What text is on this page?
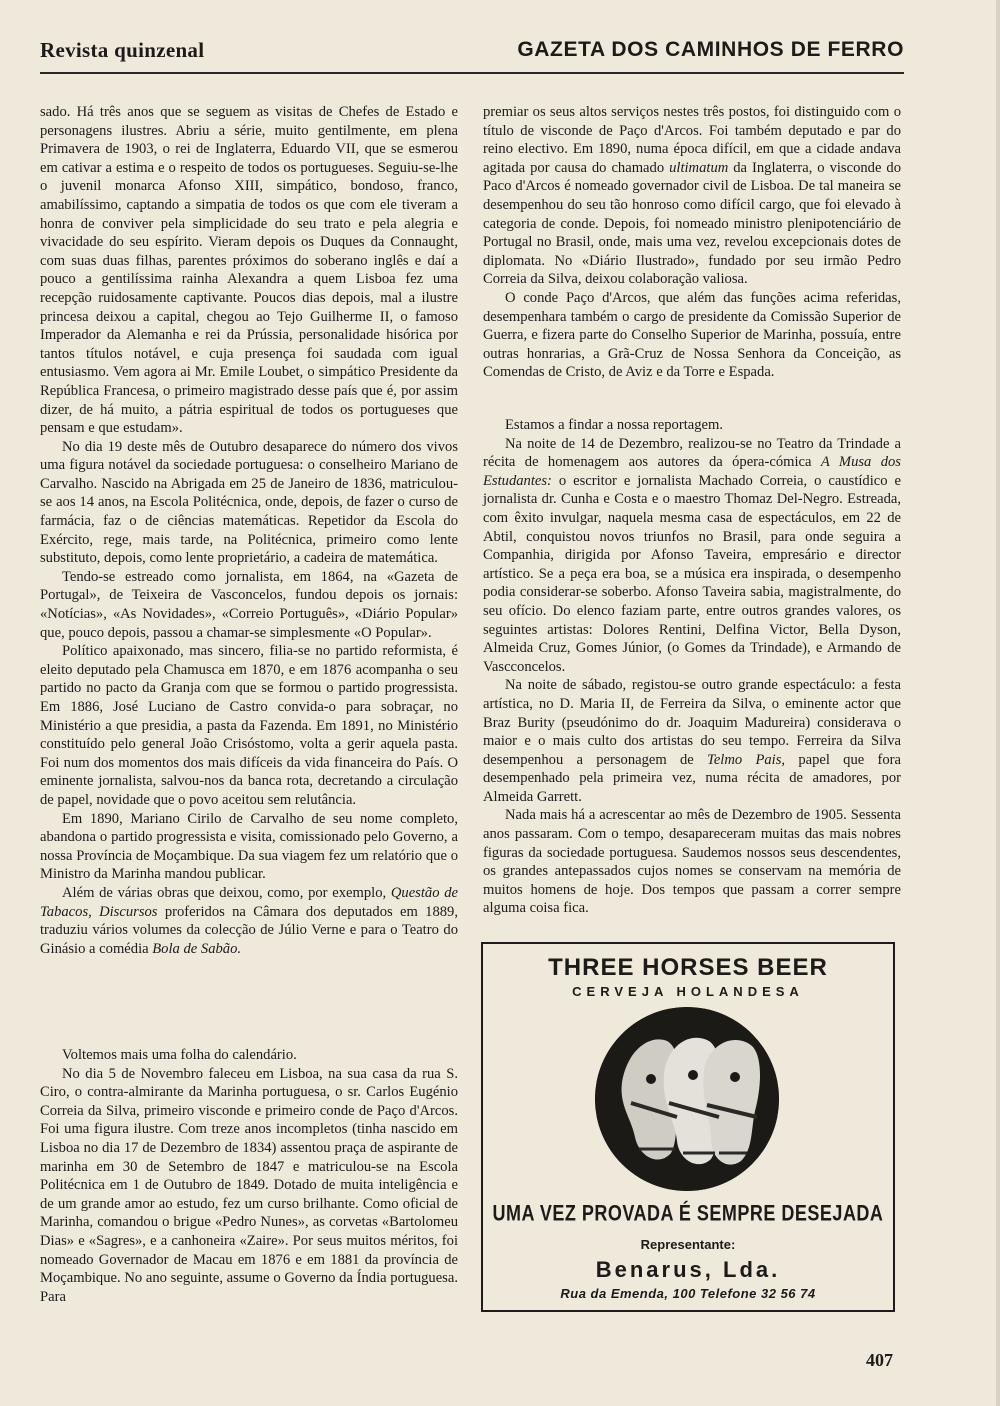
Revista quinzenal	GAZETA DOS CAMINHOS DE FERRO

sado. Há três anos que se seguem as visitas de Chefes de Estado e personagens ilustres. Abriu a série, muito gentilmente, em plena Primavera de 1903, o rei de Inglaterra, Eduardo VII, que se esmerou em cativar a estima e o respeito de todos os portugueses. Seguiu-se-lhe o juvenil monarca Afonso XIII, simpático, bondoso, franco, amabilíssimo, captando a simpatia de todos os que com ele tiveram a honra de conviver pela simplicidade do seu trato e pela alegria e vivacidade do seu espírito. Vieram depois os Duques da Connaught, com suas duas filhas, parentes próximos do soberano inglês e daí a pouco a gentilíssima rainha Alexandra a quem Lisboa fez uma recepção ruidosamente captivante. Poucos dias depois, mal a ilustre princesa deixou a capital, chegou ao Tejo Guilherme II, o famoso Imperador da Alemanha e rei da Prússia, personalidade hisórica por tantos títulos notável, e cuja presença foi saudada com igual entusiasmo. Vem agora ai Mr. Emile Loubet, o simpático Presidente da República Francesa, o primeiro magistrado desse país que é, por assim dizer, de há muito, a pátria espiritual de todos os portugueses que pensam e que estudam».

No dia 19 deste mês de Outubro desaparece do número dos vivos uma figura notável da sociedade portuguesa: o conselheiro Mariano de Carvalho. Nascido na Abrigada em 25 de Janeiro de 1836, matriculou-se aos 14 anos, na Escola Politécnica, onde, depois, de fazer o curso de farmácia, faz o de ciências matemáticas. Repetidor da Escola do Exército, rege, mais tarde, na Politécnica, primeiro como lente substituto, depois, como lente proprietário, a cadeira de matemática.

Tendo-se estreado como jornalista, em 1864, na «Gazeta de Portugal», de Teixeira de Vasconcelos, fundou depois os jornais: «Notícias», «As Novidades», «Correio Português», «Diário Popular» que, pouco depois, passou a chamar-se simplesmente «O Popular».

Político apaixonado, mas sincero, filia-se no partido reformista, é eleito deputado pela Chamusca em 1870, e em 1876 acompanha o seu partido no pacto da Granja com que se formou o partido progressista. Em 1886, José Luciano de Castro convida-o para sobraçar, no Ministério a que presidia, a pasta da Fazenda. Em 1891, no Ministério constituído pelo general João Crisóstomo, volta a gerir aquela pasta. Foi num dos momentos dos mais difíceis da vida financeira do País. O eminente jornalista, salvou-nos da banca rota, decretando a circulação de papel, novidade que o povo aceitou sem relutância.

Em 1890, Mariano Cirilo de Carvalho de seu nome completo, abandona o partido progressista e visita, comissionado pelo Governo, a nossa Província de Moçambique. Da sua viagem fez um relatório que o Ministro da Marinha mandou publicar.

Além de várias obras que deixou, como, por exemplo, Questão de Tabacos, Discursos proferidos na Câmara dos deputados em 1889, traduziu vários volumes da colecção de Júlio Verne e para o Teatro do Ginásio a comédia Bola de Sabão.

Voltemos mais uma folha do calendário.

No dia 5 de Novembro faleceu em Lisboa, na sua casa da rua S. Ciro, o contra-almirante da Marinha portuguesa, o sr. Carlos Eugénio Correia da Silva, primeiro visconde e primeiro conde de Paço d'Arcos. Foi uma figura ilustre. Com treze anos incompletos (tinha nascido em Lisboa no dia 17 de Dezembro de 1834) assentou praça de aspirante de marinha em 30 de Setembro de 1847 e matriculou-se na Escola Politécnica em 1 de Outubro de 1849. Dotado de muita inteligência e de um grande amor ao estudo, fez um curso brilhante. Como oficial de Marinha, comandou o brigue «Pedro Nunes», as corvetas «Bartolomeu Dias» e «Sagres», e a canhoneira «Zaire». Por seus muitos méritos, foi nomeado Governador de Macau em 1876 e em 1881 da província de Moçambique. No ano seguinte, assume o Governo da Índia portuguesa. Para

premiar os seus altos serviços nestes três postos, foi distinguido com o título de visconde de Paço d'Arcos. Foi também deputado e par do reino electivo. Em 1890, numa época difícil, em que a cidade andava agitada por causa do chamado ultimatum da Inglaterra, o visconde do Paco d'Arcos é nomeado governador civil de Lisboa. De tal maneira se desempenhou do seu tão honroso como difícil cargo, que foi elevado à categoria de conde. Depois, foi nomeado ministro plenipotenciário de Portugal no Brasil, onde, mais uma vez, revelou excepcionais dotes de diplomata. No «Diário Ilustrado», fundado por seu irmão Pedro Correia da Silva, deixou colaboração valiosa.

O conde Paço d'Arcos, que além das funções acima referidas, desempenhara também o cargo de presidente da Comissão Superior de Guerra, e fizera parte do Conselho Superior de Marinha, possuía, entre outras honrarias, a Grã-Cruz de Nossa Senhora da Conceição, as Comendas de Cristo, de Aviz e da Torre e Espada.

Estamos a findar a nossa reportagem.

Na noite de 14 de Dezembro, realizou-se no Teatro da Trindade a récita de homenagem aos autores da ópera-cómica A Musa dos Estudantes: o escritor e jornalista Machado Correia, o caustídico e jornalista dr. Cunha e Costa e o maestro Thomaz Del-Negro. Estreada, com êxito invulgar, naquela mesma casa de espectáculos, em 22 de Abtil, conquistou novos triunfos no Brasil, para onde seguira a Companhia, dirigida por Afonso Taveira, empresário e director artístico. Se a peça era boa, se a música era inspirada, o desempenho podia considerar-se soberbo. Afonso Taveira sabia, magistralmente, do seu ofício. Do elenco faziam parte, entre outros grandes valores, os seguintes artistas: Dolores Rentini, Delfina Victor, Bella Dyson, Almeida Cruz, Gomes Júnior, (o Gomes da Trindade), e Armando de Vascconcelos.

Na noite de sábado, registou-se outro grande espectáculo: a festa artística, no D. Maria II, de Ferreira da Silva, o eminente actor que Braz Burity (pseudónimo do dr. Joaquim Madureira) considerava o maior e o mais culto dos artistas do seu tempo. Ferreira da Silva desempenhou a personagem de Telmo Pais, papel que fora desempenhado pela primeira vez, numa récita de amadores, por Almeida Garrett.

Nada mais há a acrescentar ao mês de Dezembro de 1905. Sessenta anos passaram. Com o tempo, desapareceram muitas das mais nobres figuras da sociedade portuguesa. Saudemos nossos seus descendentes, os grandes antepassados cujos nomes se conservam na memória de muitos homens de hoje. Dos tempos que passam a correr sempre alguma coisa fica.

THREE HORSES BEER
CERVEJA HOLANDESA
UMA VEZ PROVADA É SEMPRE DESEJADA
Representante:
Benarus, Lda.
Rua da Emenda, 100 Telefone 32 56 74
407
